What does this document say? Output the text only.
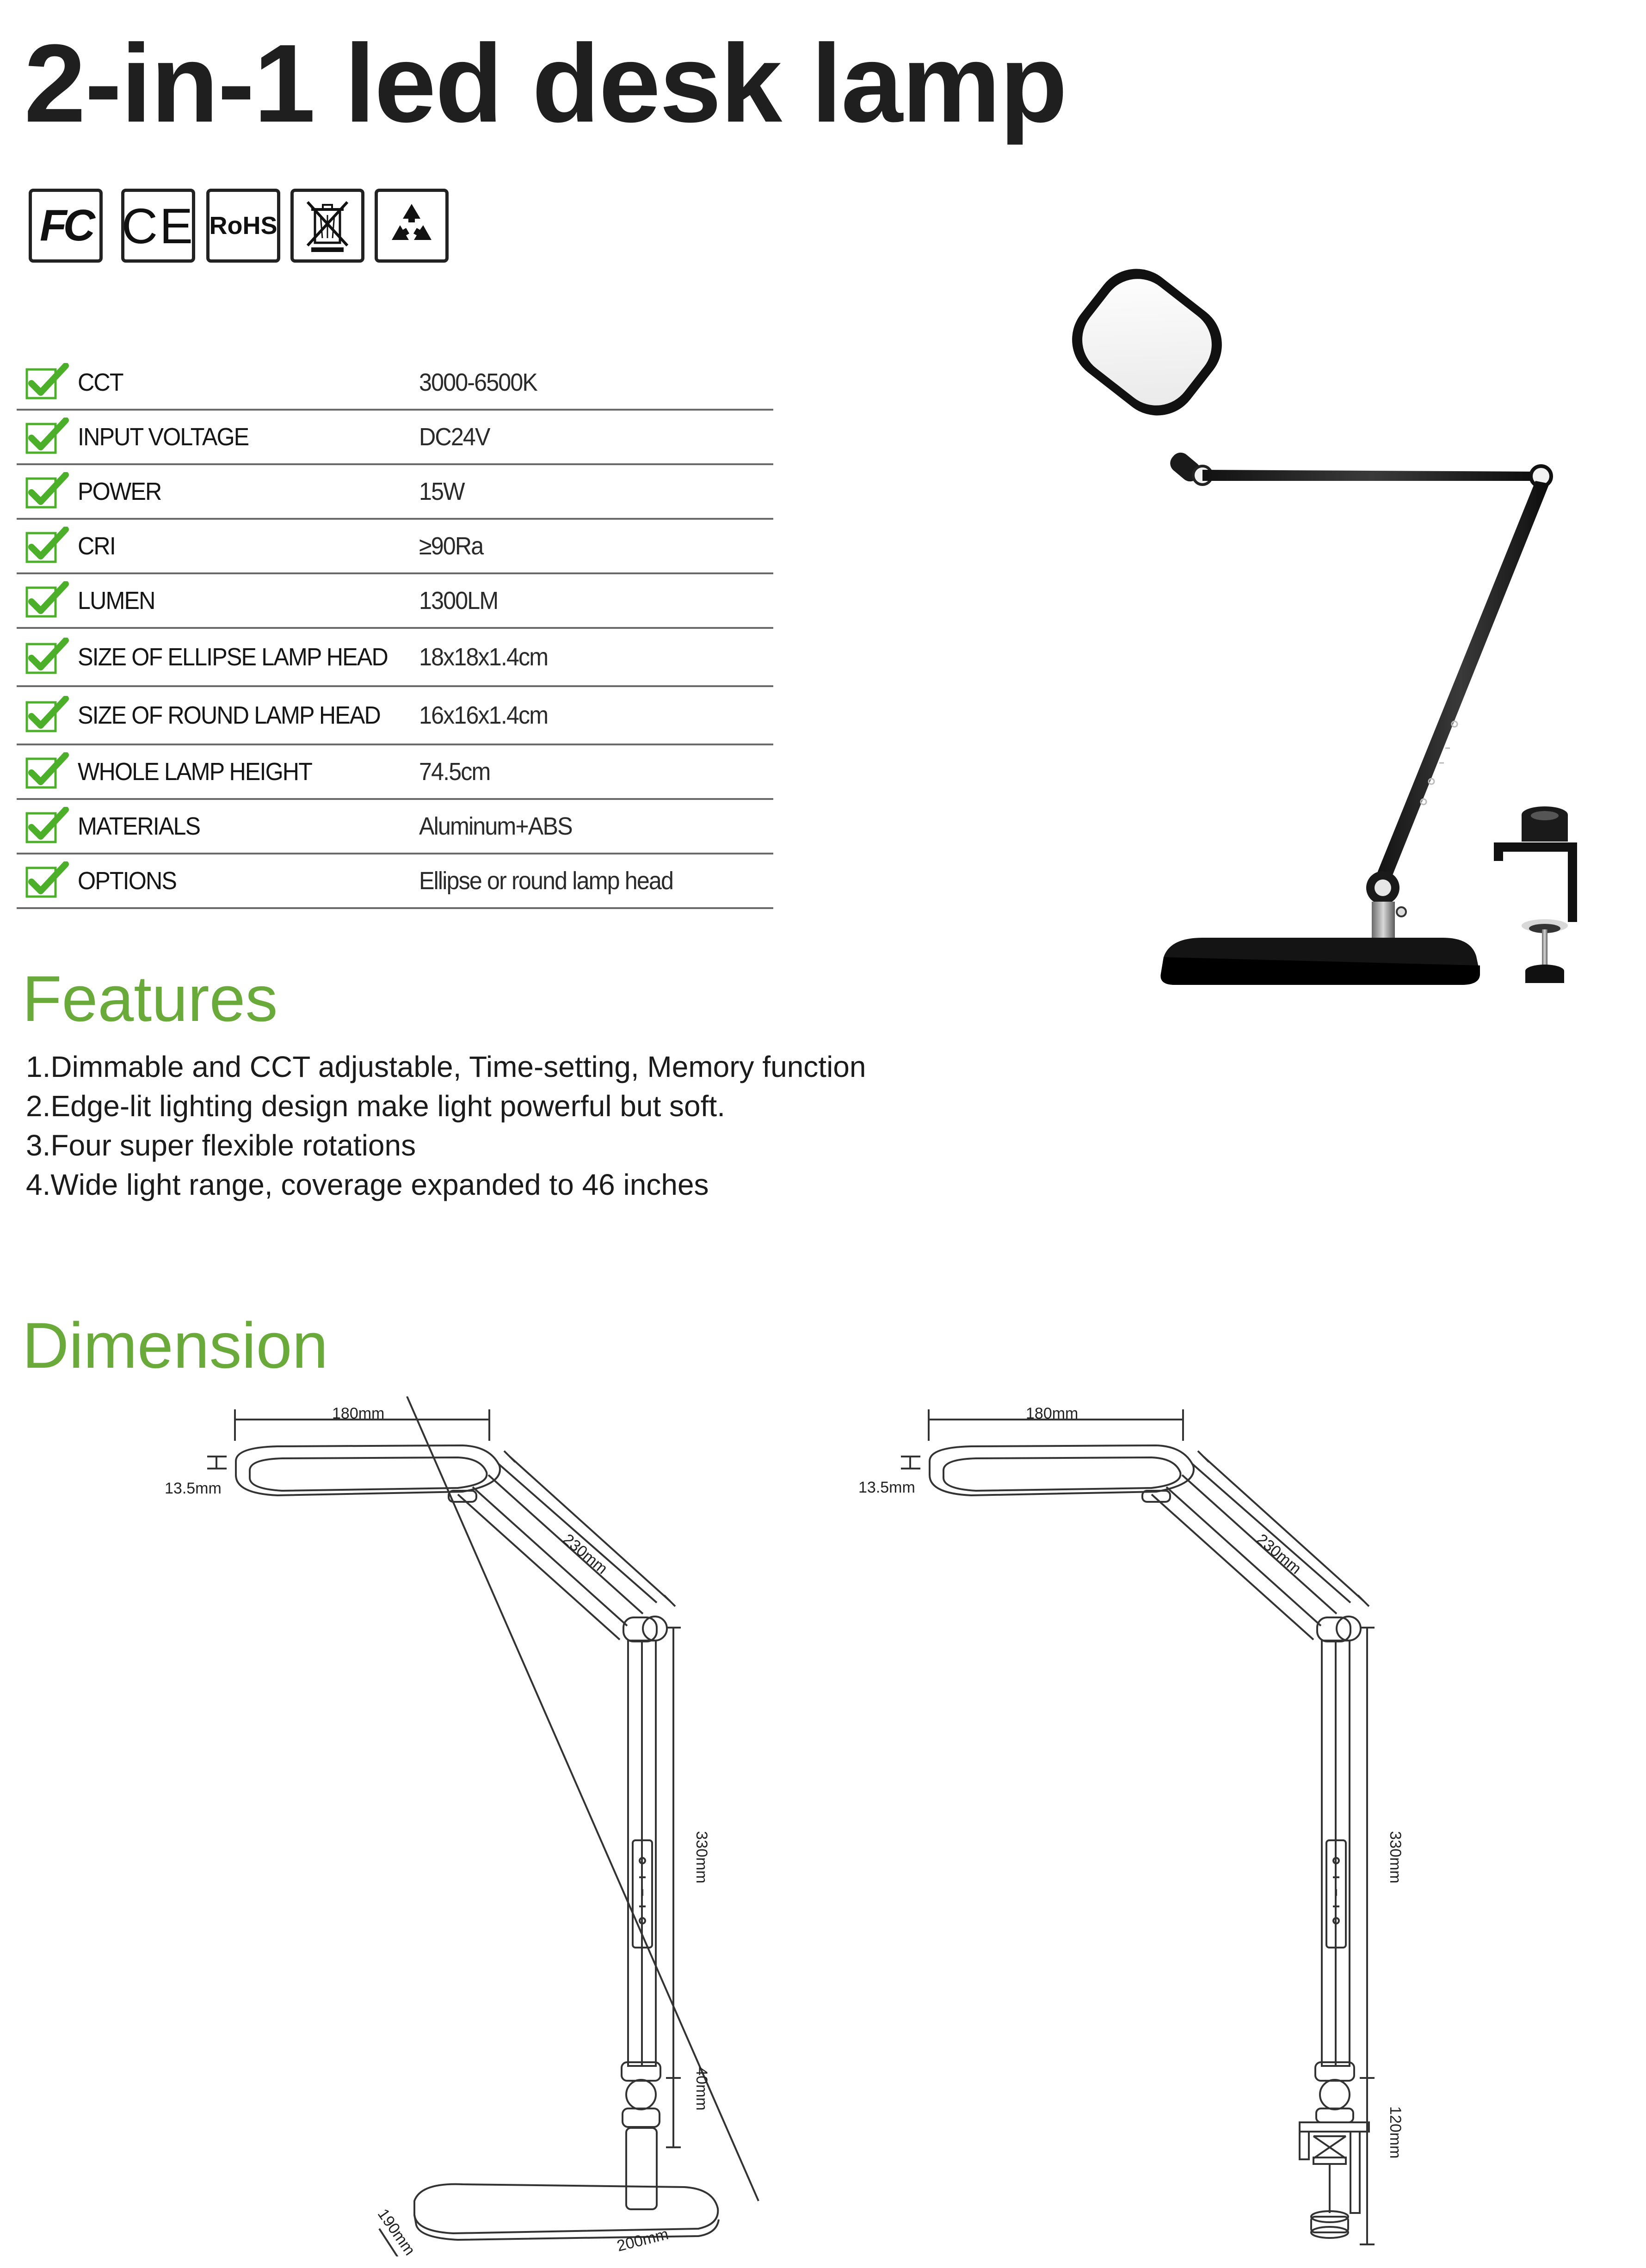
2-in-1 led desk lamp
FC CE RoHS
CCT	3000-6500K
INPUT VOLTAGE	DC24V
POWER	15W
CRI	≥90Ra
LUMEN	1300LM
SIZE OF ELLIPSE LAMP HEAD 18x18x1.4cm
SIZE OF ROUND LAMP HEAD 16x16x1.4cm
WHOLE LAMP HEIGHT	74.5cm
MATERIALS	Aluminum+ABS
OPTIONS	Ellipse or round lamp head
Features
1.Dimmable and CCT adjustable, Time-setting, Memory function
2.Edge-lit lighting design make light powerful but soft.
3.Four super flexible rotations
4.Wide light range, coverage expanded to 46 inches
Dimension
180mm
13.5mm
230mm
330mm
40mm
190mm	200mm
180mm
13.5mm
230mm
330mm
120mm
